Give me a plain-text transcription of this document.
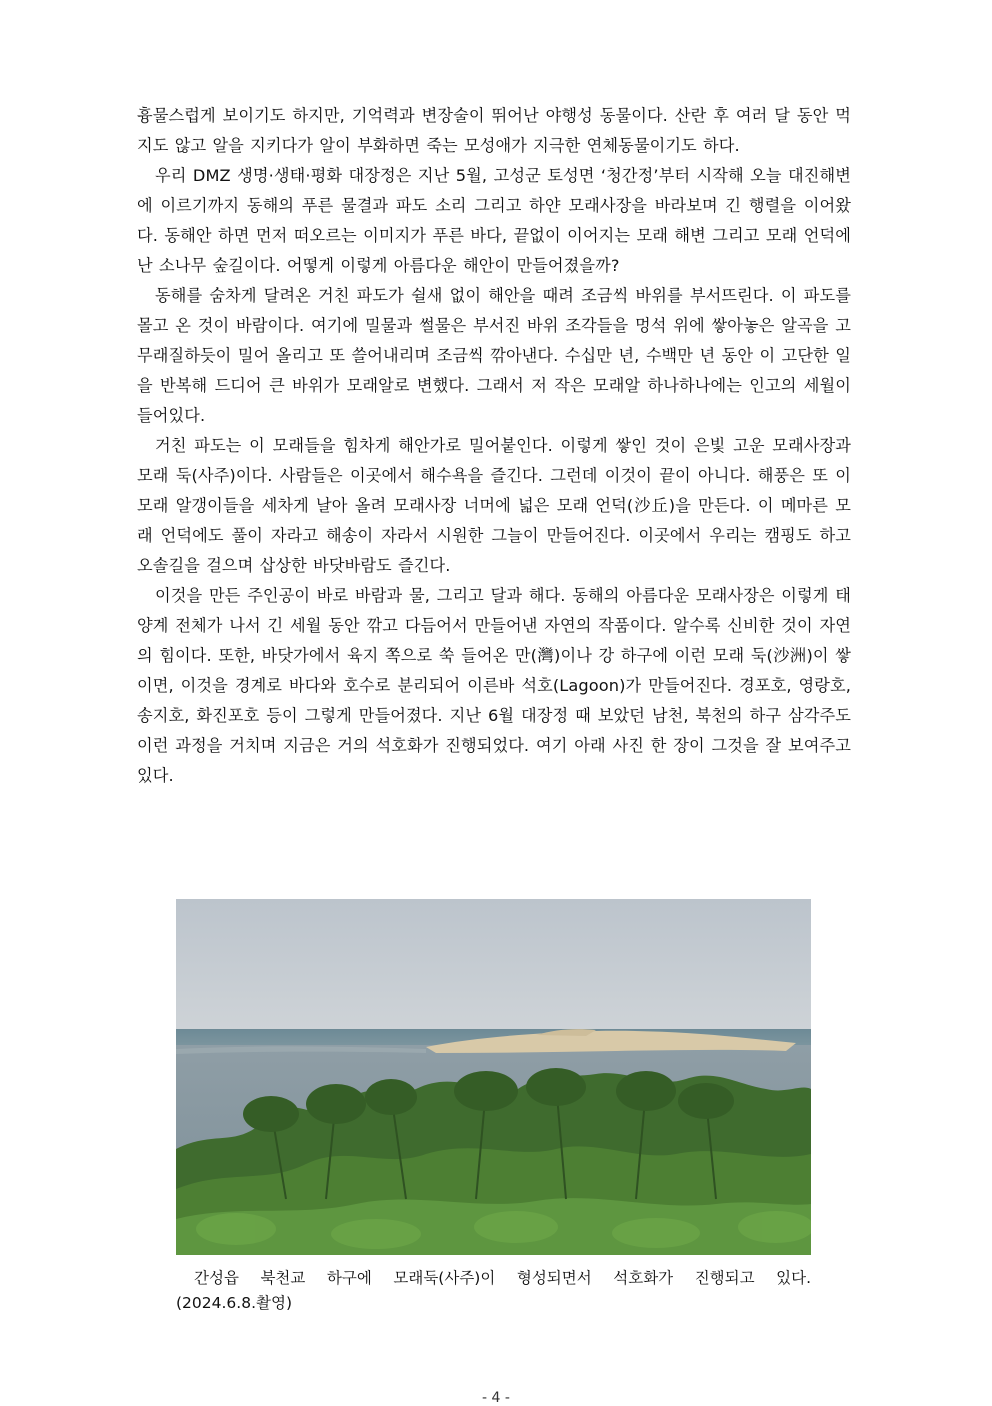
흉물스럽게 보이기도 하지만, 기억력과 변장술이 뛰어난 야행성 동물이다. 산란 후 여러 달 동안 먹지도 않고 알을 지키다가 알이 부화하면 죽는 모성애가 지극한 연체동물이기도 하다.

우리 DMZ 생명·생태·평화 대장정은 지난 5월, 고성군 토성면 ‘청간정’부터 시작해 오늘 대진해변에 이르기까지 동해의 푸른 물결과 파도 소리 그리고 하얀 모래사장을 바라보며 긴 행렬을 이어왔다. 동해안 하면 먼저 떠오르는 이미지가 푸른 바다, 끝없이 이어지는 모래 해변 그리고 모래 언덕에 난 소나무 숲길이다. 어떻게 이렇게 아름다운 해안이 만들어졌을까?

동해를 숨차게 달려온 거친 파도가 쉴새 없이 해안을 때려 조금씩 바위를 부서뜨린다. 이 파도를 몰고 온 것이 바람이다. 여기에 밀물과 썰물은 부서진 바위 조각들을 멍석 위에 쌓아놓은 알곡을 고무래질하듯이 밀어 올리고 또 쓸어내리며 조금씩 깎아낸다. 수십만 년, 수백만 년 동안 이 고단한 일을 반복해 드디어 큰 바위가 모래알로 변했다. 그래서 저 작은 모래알 하나하나에는 인고의 세월이 들어있다.

거친 파도는 이 모래들을 힘차게 해안가로 밀어붙인다. 이렇게 쌓인 것이 은빛 고운 모래사장과 모래 둑(사주)이다. 사람들은 이곳에서 해수욕을 즐긴다. 그런데 이것이 끝이 아니다. 해풍은 또 이 모래 알갱이들을 세차게 날아 올려 모래사장 너머에 넓은 모래 언덕(沙丘)을 만든다. 이 메마른 모래 언덕에도 풀이 자라고 해송이 자라서 시원한 그늘이 만들어진다. 이곳에서 우리는 캠핑도 하고 오솔길을 걸으며 삽상한 바닷바람도 즐긴다.

이것을 만든 주인공이 바로 바람과 물, 그리고 달과 해다. 동해의 아름다운 모래사장은 이렇게 태양계 전체가 나서 긴 세월 동안 깎고 다듬어서 만들어낸 자연의 작품이다. 알수록 신비한 것이 자연의 힘이다. 또한, 바닷가에서 육지 쪽으로 쑥 들어온 만(灣)이나 강 하구에 이런 모래 둑(沙洲)이 쌓이면, 이것을 경계로 바다와 호수로 분리되어 이른바 석호(Lagoon)가 만들어진다. 경포호, 영랑호, 송지호, 화진포호 등이 그렇게 만들어졌다. 지난 6월 대장정 때 보았던 남천, 북천의 하구 삼각주도 이런 과정을 거치며 지금은 거의 석호화가 진행되었다. 여기 아래 사진 한 장이 그것을 잘 보여주고 있다.

간성읍 북천교 하구에 모래둑(사주)이 형성되면서 석호화가 진행되고 있다.(2024.6.8.촬영)

- 4 -
